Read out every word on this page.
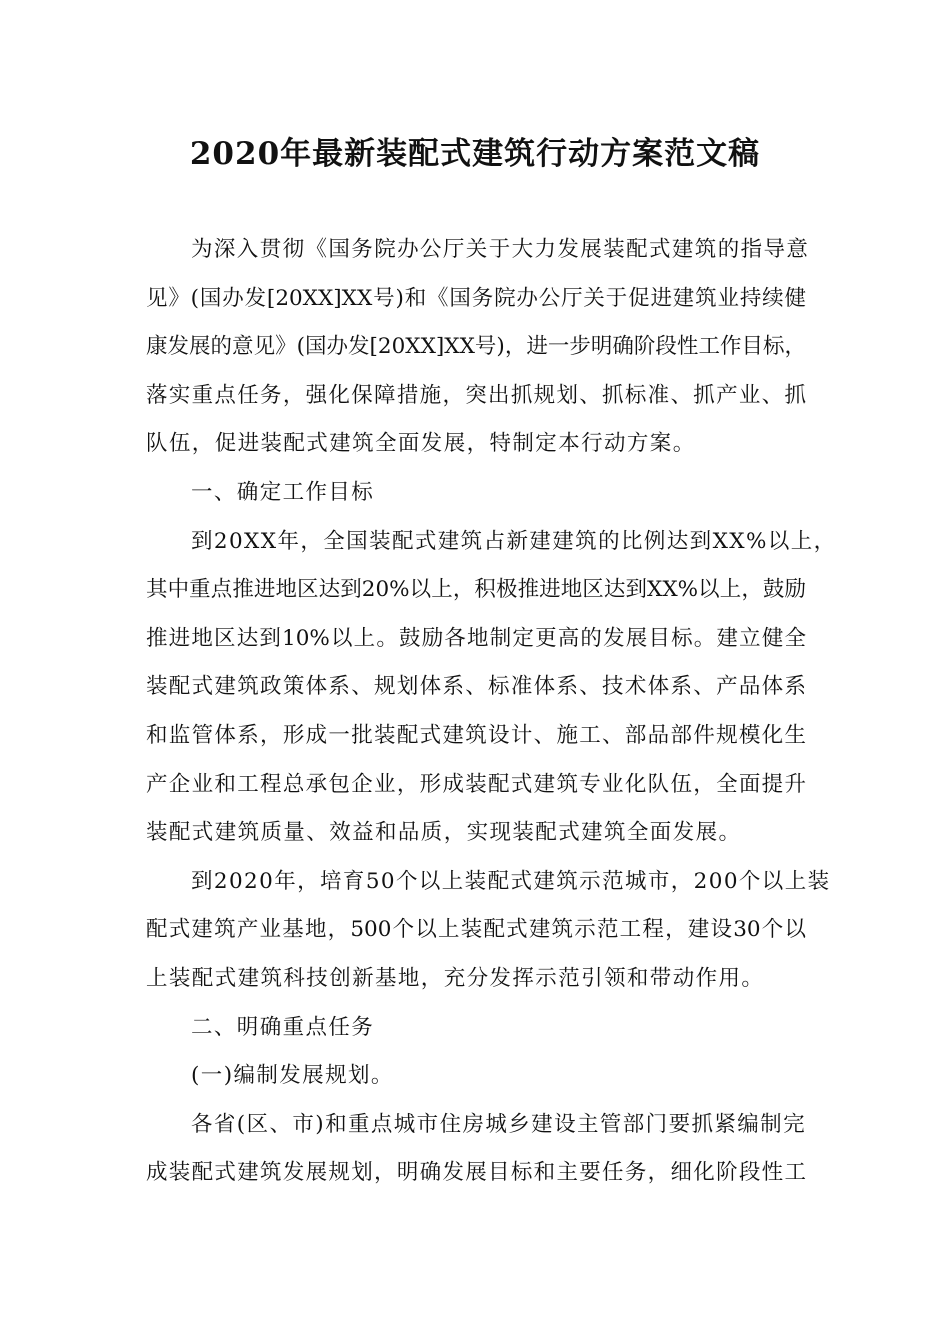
2020年最新装配式建筑行动方案范文稿
为深入贯彻《国务院办公厅关于大力发展装配式建筑的指导意
见》(国办发[20XX]XX号)和《国务院办公厅关于促进建筑业持续健
康发展的意见》(国办发[20XX]XX号)，进一步明确阶段性工作目标，
落实重点任务，强化保障措施，突出抓规划、抓标准、抓产业、抓
队伍，促进装配式建筑全面发展，特制定本行动方案。
一、确定工作目标
到20XX年，全国装配式建筑占新建建筑的比例达到XX%以上，
其中重点推进地区达到20%以上，积极推进地区达到XX%以上，鼓励
推进地区达到10%以上。鼓励各地制定更高的发展目标。建立健全
装配式建筑政策体系、规划体系、标准体系、技术体系、产品体系
和监管体系，形成一批装配式建筑设计、施工、部品部件规模化生
产企业和工程总承包企业，形成装配式建筑专业化队伍，全面提升
装配式建筑质量、效益和品质，实现装配式建筑全面发展。
到2020年，培育50个以上装配式建筑示范城市，200个以上装
配式建筑产业基地，500个以上装配式建筑示范工程，建设30个以
上装配式建筑科技创新基地，充分发挥示范引领和带动作用。
二、明确重点任务
(一)编制发展规划。
各省(区、市)和重点城市住房城乡建设主管部门要抓紧编制完
成装配式建筑发展规划，明确发展目标和主要任务，细化阶段性工
